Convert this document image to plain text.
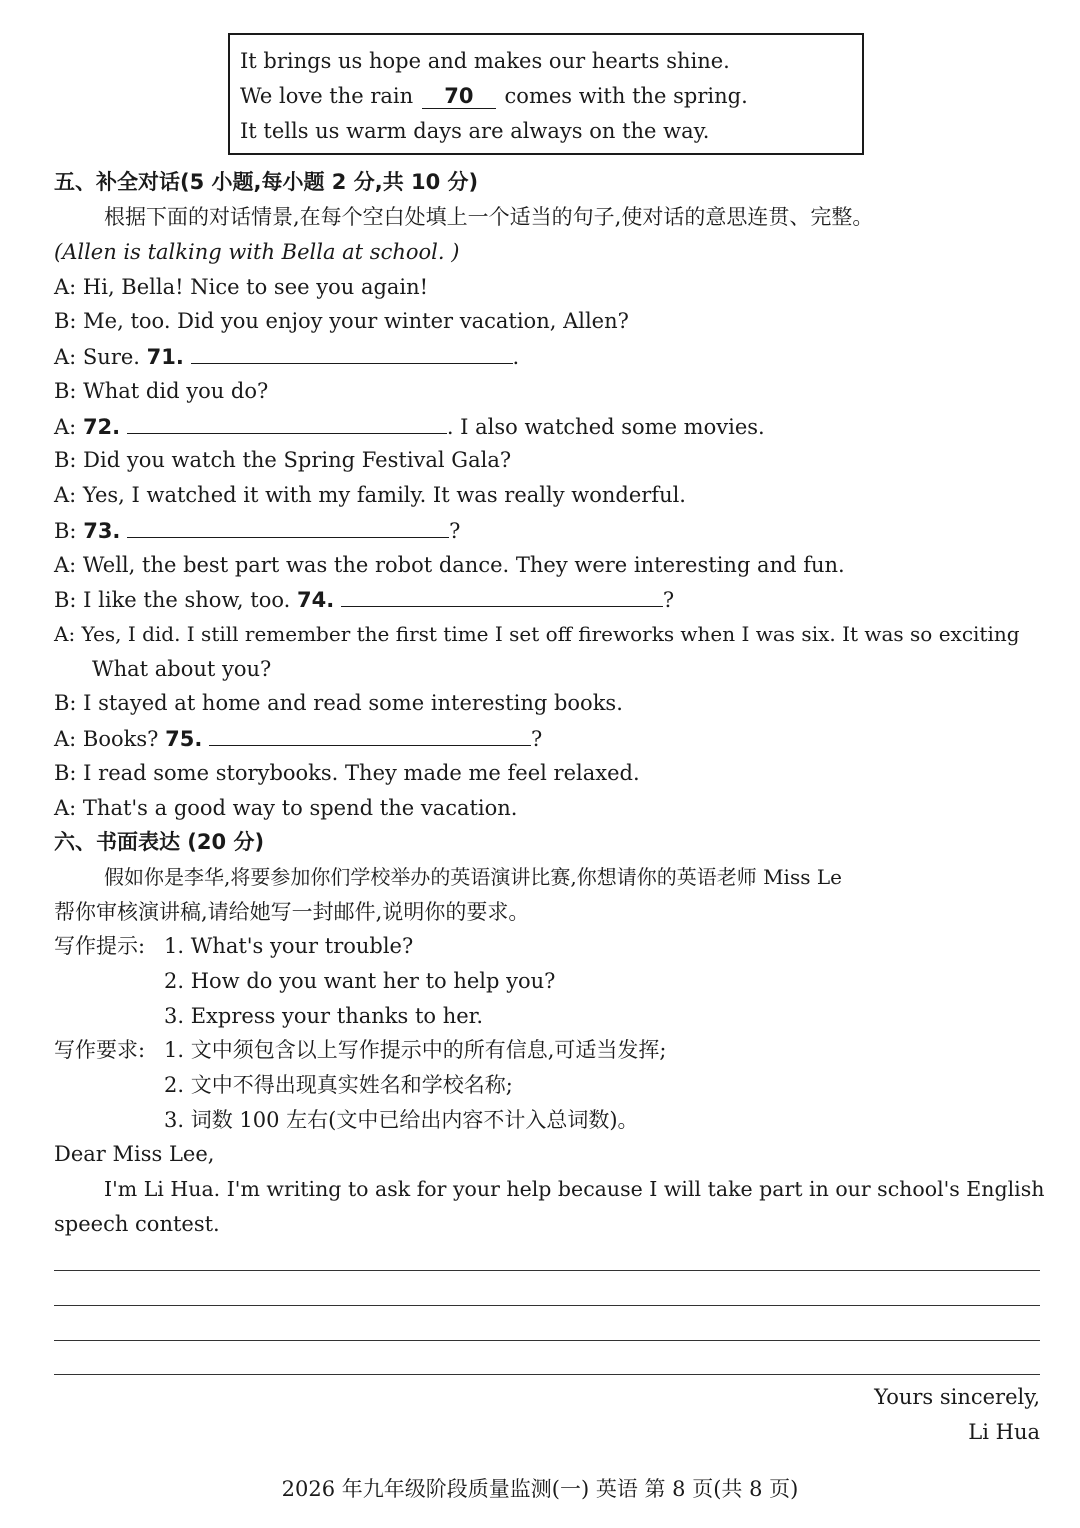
It brings us hope and makes our hearts shine.
We love the rain 70 comes with the spring.
It tells us warm days are always on the way.
五、补全对话(5 小题,每小题 2 分,共 10 分)
根据下面的对话情景,在每个空白处填上一个适当的句子,使对话的意思连贯、完整。
(Allen is talking with Bella at school. )
A: Hi, Bella! Nice to see you again!
B: Me, too. Did you enjoy your winter vacation, Allen?
A: Sure. 71.	.
B: What did you do?
A: 72.	. I also watched some movies.
B: Did you watch the Spring Festival Gala?
A: Yes, I watched it with my family. It was really wonderful.
B: 73.	?
A: Well, the best part was the robot dance. They were interesting and fun.
B: I like the show, too. 74.	?
A: Yes, I did. I still remember the first time I set off fireworks when I was six. It was so exciting
What about you?
B: I stayed at home and read some interesting books.
A: Books? 75.	?
B: I read some storybooks. They made me feel relaxed.
A: That's a good way to spend the vacation.
六、书面表达 (20 分)
假如你是李华,将要参加你们学校举办的英语演讲比赛,你想请你的英语老师 Miss Le
帮你审核演讲稿,请给她写一封邮件,说明你的要求。
写作提示: 1. What's your trouble?
2. How do you want her to help you?
3. Express your thanks to her.
写作要求: 1. 文中须包含以上写作提示中的所有信息,可适当发挥;
2. 文中不得出现真实姓名和学校名称;
3. 词数 100 左右(文中已给出内容不计入总词数)。
Dear Miss Lee,
I'm Li Hua. I'm writing to ask for your help because I will take part in our school's English
speech contest.
Yours sincerely,
Li Hua
2026 年九年级阶段质量监测(一) 英语 第 8 页(共 8 页)
